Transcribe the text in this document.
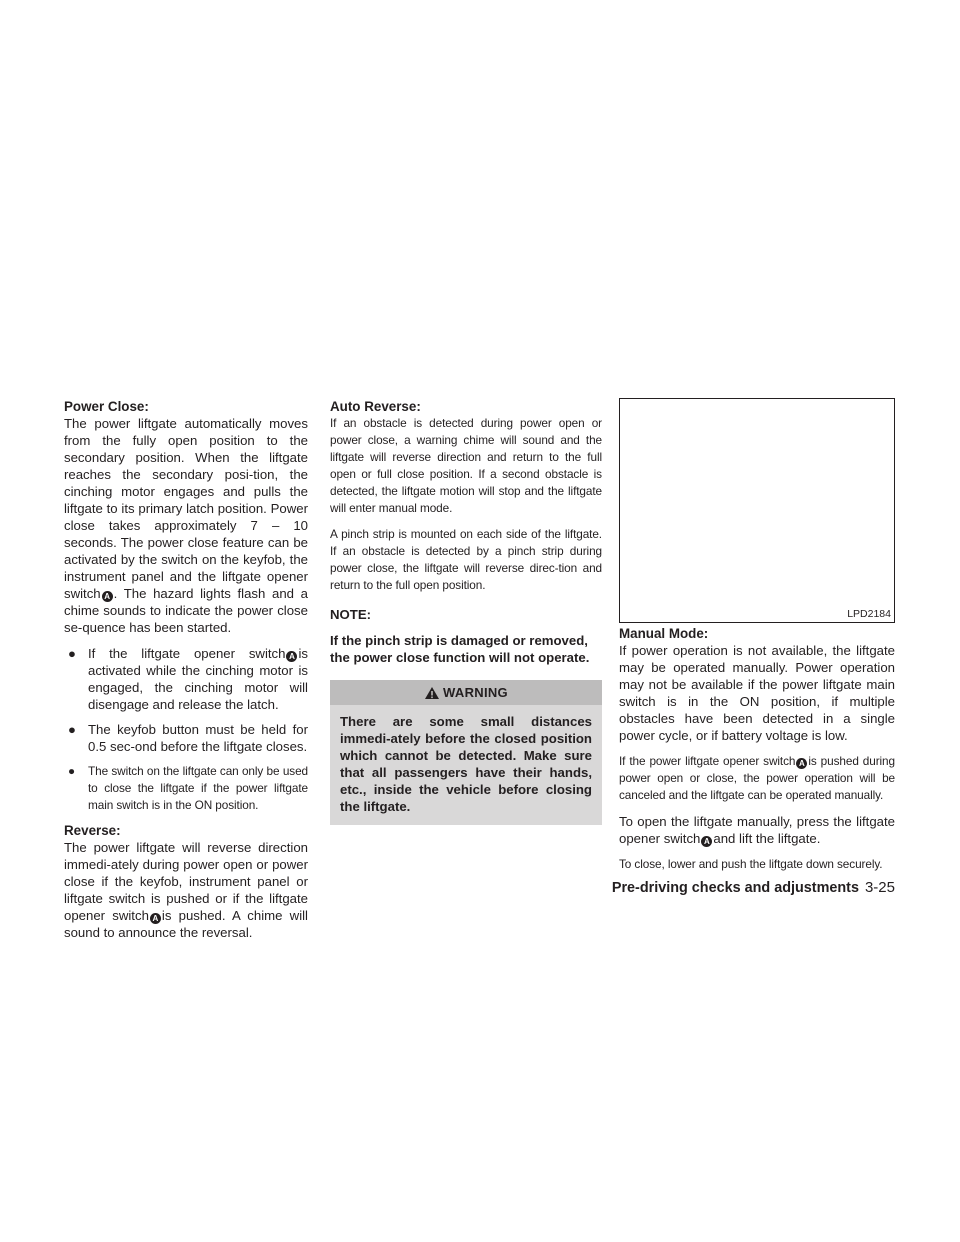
Power Close:

The power liftgate automatically moves from the fully open position to the secondary position. When the liftgate reaches the secondary posi-tion, the cinching motor engages and pulls the liftgate to its primary latch position. Power close takes approximately 7 – 10 seconds. The power close feature can be activated by the switch on the keyfob, the instrument panel and the liftgate opener switch A . The hazard lights flash and a chime sounds to indicate the power close se-quence has been started.

● If the liftgate opener switch A is activated while the cinching motor is engaged, the cinching motor will disengage and release the latch.
● The keyfob button must be held for 0.5 sec-ond before the liftgate closes.
● The switch on the liftgate can only be used to close the liftgate if the power liftgate main switch is in the ON position.
Reverse:

The power liftgate will reverse direction immedi-ately during power open or power close if the keyfob, instrument panel or liftgate switch is pushed or if the liftgate opener switch A is pushed. A chime will sound to announce the reversal.

Auto Reverse:

If an obstacle is detected during power open or power close, a warning chime will sound and the liftgate will reverse direction and return to the full open or full close position. If a second obstacle is detected, the liftgate motion will stop and the liftgate will enter manual mode.

A pinch strip is mounted on each side of the liftgate. If an obstacle is detected by a pinch strip during power close, the liftgate will reverse direc-tion and return to the full open position.

NOTE:
If the pinch strip is damaged or removed, the power close function will not operate.
WARNING
There are some small distances immedi-ately before the closed position which cannot be detected. Make sure that all passengers have their hands, etc., inside the vehicle before closing the liftgate.
LPD2184
Manual Mode:

If power operation is not available, the liftgate may be operated manually. Power operation may not be available if the power liftgate main switch is in the ON position, if multiple obstacles have been detected in a single power cycle, or if battery voltage is low.

If the power liftgate opener switch A is pushed during power open or close, the power operation will be canceled and the liftgate can be operated manually.

To open the liftgate manually, press the liftgate opener switch A and lift the liftgate.

To close, lower and push the liftgate down securely.

Pre-driving checks and adjustments 3-25
